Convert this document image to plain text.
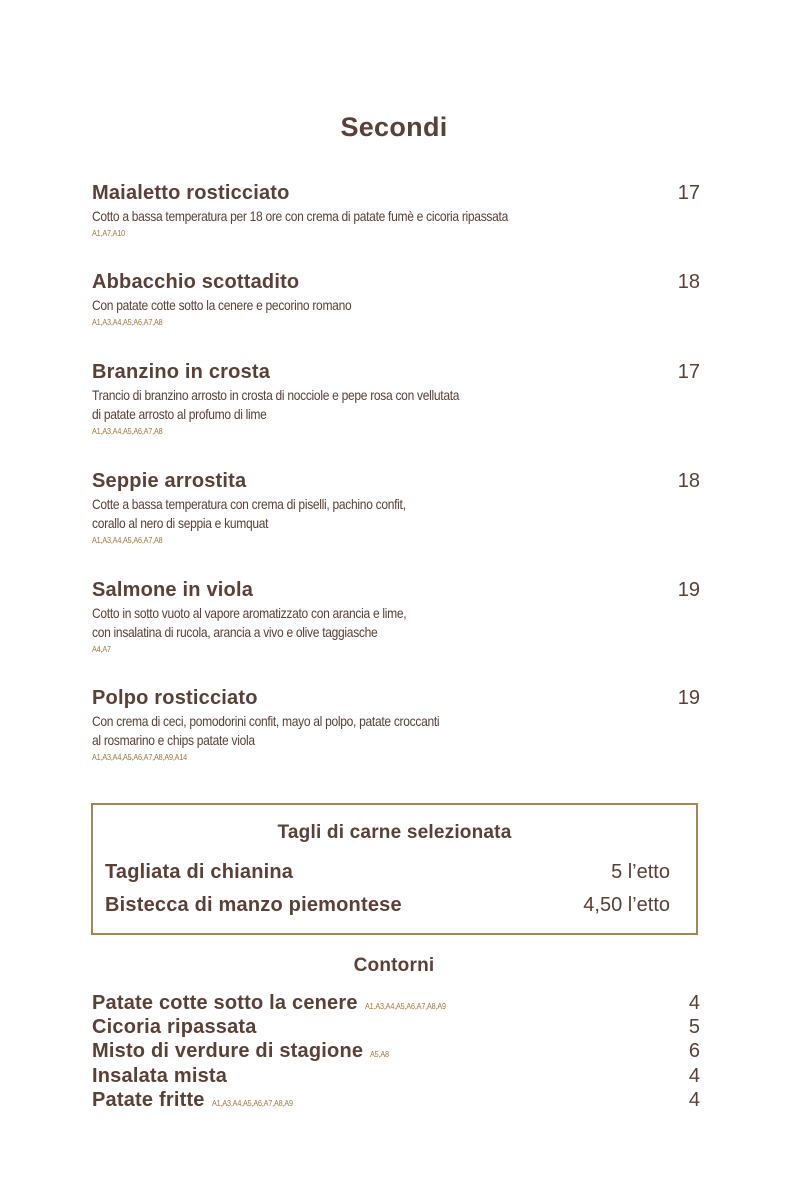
Secondi
Maialetto rosticciato	17
Cotto a bassa temperatura per 18 ore con crema di patate fumè e cicoria ripassata
A1,A7,A10
Abbacchio scottadito	18
Con patate cotte sotto la cenere e pecorino romano
A1,A3,A4,A5,A6,A7,A8
Branzino in crosta	17
Trancio di branzino arrosto in crosta di nocciole e pepe rosa con vellutata
di patate arrosto al profumo di lime
A1,A3,A4,A5,A6,A7,A8
Seppie arrostita	18
Cotte a bassa temperatura con crema di piselli, pachino confit,
corallo al nero di seppia e kumquat
A1,A3,A4,A5,A6,A7,A8
Salmone in viola	19
Cotto in sotto vuoto al vapore aromatizzato con arancia e lime,
con insalatina di rucola, arancia a vivo e olive taggiasche
A4,A7
Polpo rosticciato	19
Con crema di ceci, pomodorini confit, mayo al polpo, patate croccanti
al rosmarino e chips patate viola
A1,A3,A4,A5,A6,A7,A8,A9,A14
Tagli di carne selezionata
Tagliata di chianina	5 l’etto
Bistecca di manzo piemontese	4,50 l’etto
Contorni
Patate cotte sotto la cenere A1,A3,A4,A5,A6,A7,A8,A9	4
Cicoria ripassata	5
Misto di verdure di stagione A5,A8	6
Insalata mista	4
Patate fritte A1,A3,A4,A5,A6,A7,A8,A9	4
